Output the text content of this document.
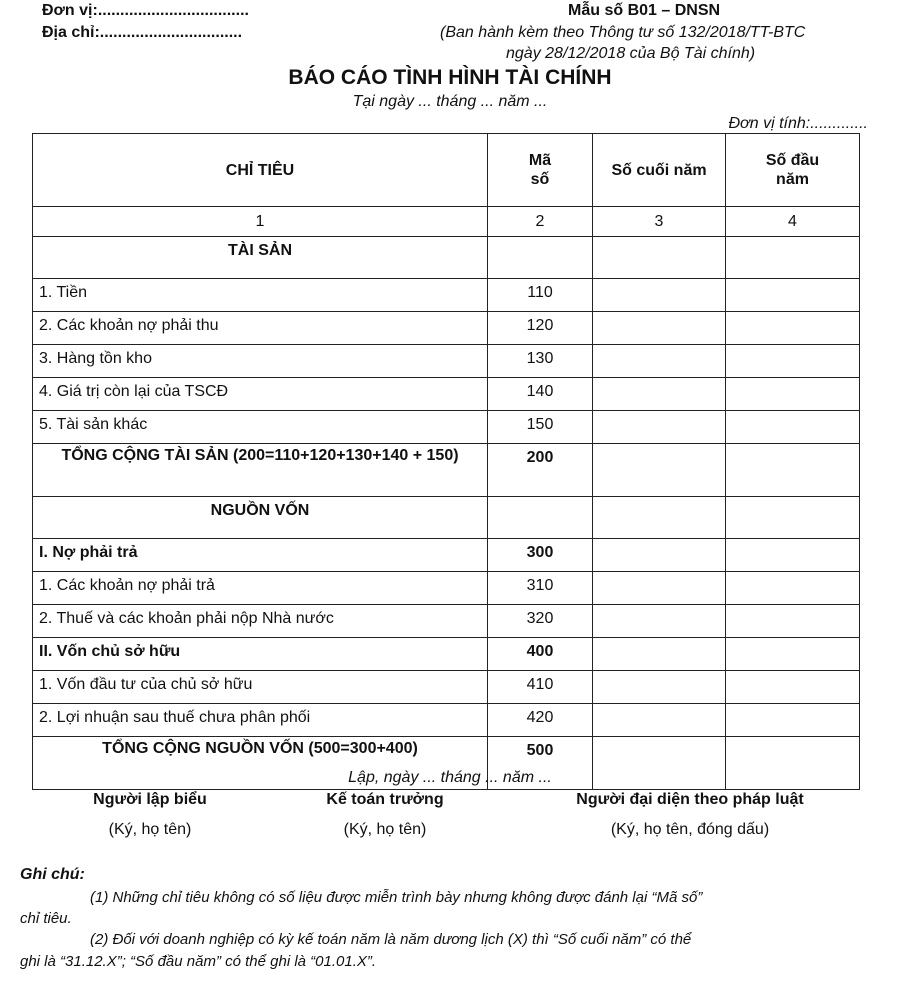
Đơn vị:..................................
Địa chỉ:................................
Mẫu số B01 – DNSN
(Ban hành kèm theo Thông tư số 132/2018/TT-BTC
ngày 28/12/2018 của Bộ Tài chính)
BÁO CÁO TÌNH HÌNH TÀI CHÍNH
Tại ngày ... tháng ... năm ...
Đơn vị tính:.............
CHỈ TIÊU	Mã số	Số cuối năm	Số đầu năm
1	2	3	4
TÀI SẢN			
1. Tiền	110		
2. Các khoản nợ phải thu	120		
3. Hàng tồn kho	130		
4. Giá trị còn lại của TSCĐ	140		
5. Tài sản khác	150		
TỔNG CỘNG TÀI SẢN (200=110+120+130+140 + 150)	200		
NGUỒN VỐN			
I. Nợ phải trả	300		
1. Các khoản nợ phải trả	310		
2. Thuế và các khoản phải nộp Nhà nước	320		
II. Vốn chủ sở hữu	400		
1. Vốn đầu tư của chủ sở hữu	410		
2. Lợi nhuận sau thuế chưa phân phối	420		
TỔNG CỘNG NGUỒN VỐN (500=300+400)	500		
Lập, ngày ... tháng ... năm ...
Người lập biểu
(Ký, họ tên)
Kế toán trưởng
(Ký, họ tên)
Người đại diện theo pháp luật
(Ký, họ tên, đóng dấu)
Ghi chú:
(1) Những chỉ tiêu không có số liệu được miễn trình bày nhưng không được đánh lại “Mã số”
chỉ tiêu.
(2) Đối với doanh nghiệp có kỳ kế toán năm là năm dương lịch (X) thì “Số cuối năm” có thể
ghi là “31.12.X”; “Số đầu năm” có thể ghi là “01.01.X”.
